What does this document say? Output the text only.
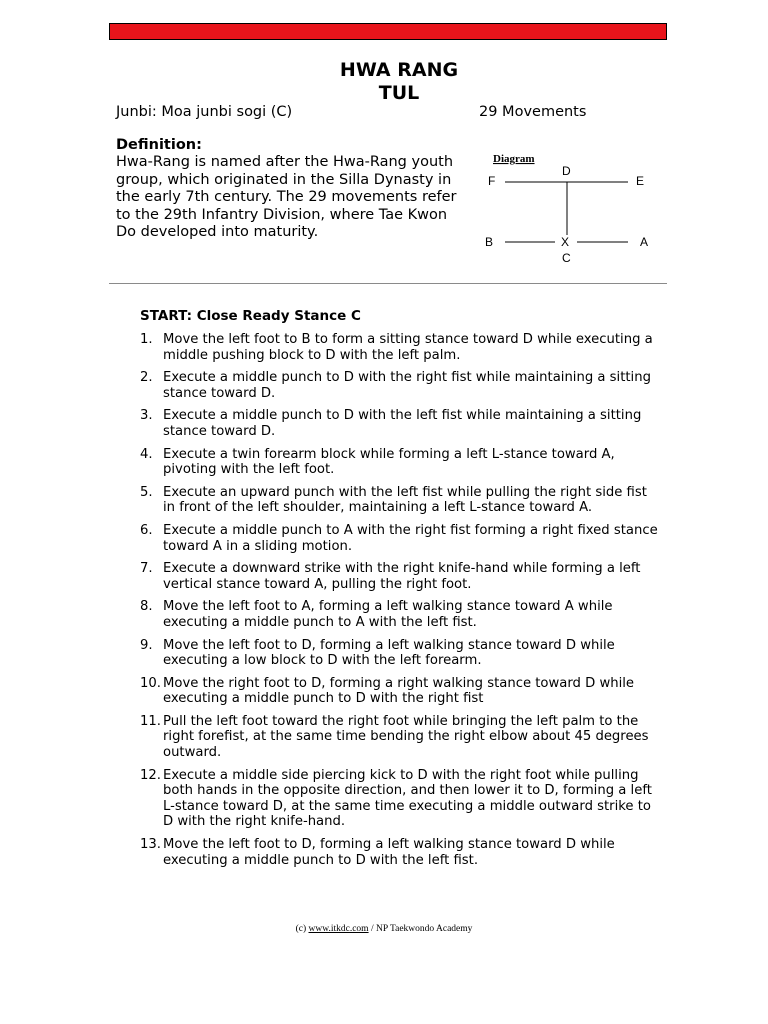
HWA RANG
TUL
Junbi: Moa junbi sogi (C)	29 Movements
Definition:
Hwa-Rang is named after the Hwa-Rang youth group, which originated in the Silla Dynasty in the early 7th century. The 29 movements refer to the 29th Infantry Division, where Tae Kwon Do developed into maturity.
Diagram
F
D
E
B	X	A
C
START: Close Ready Stance C
1. Move the left foot to B to form a sitting stance toward D while executing a middle pushing block to D with the left palm.
2. Execute a middle punch to D with the right fist while maintaining a sitting stance toward D.
3. Execute a middle punch to D with the left fist while maintaining a sitting stance toward D.
4. Execute a twin forearm block while forming a left L-stance toward A, pivoting with the left foot.
5. Execute an upward punch with the left fist while pulling the right side fist in front of the left shoulder, maintaining a left L-stance toward A.
6. Execute a middle punch to A with the right fist forming a right fixed stance toward A in a sliding motion.
7. Execute a downward strike with the right knife-hand while forming a left vertical stance toward A, pulling the right foot.
8. Move the left foot to A, forming a left walking stance toward A while executing a middle punch to A with the left fist.
9. Move the left foot to D, forming a left walking stance toward D while executing a low block to D with the left forearm.
10. Move the right foot to D, forming a right walking stance toward D while executing a middle punch to D with the right fist
11. Pull the left foot toward the right foot while bringing the left palm to the right forefist, at the same time bending the right elbow about 45 degrees outward.
12. Execute a middle side piercing kick to D with the right foot while pulling both hands in the opposite direction, and then lower it to D, forming a left L-stance toward D, at the same time executing a middle outward strike to D with the right knife-hand.
13. Move the left foot to D, forming a left walking stance toward D while executing a middle punch to D with the left fist.
(c) www.itkdc.com / NP Taekwondo Academy
